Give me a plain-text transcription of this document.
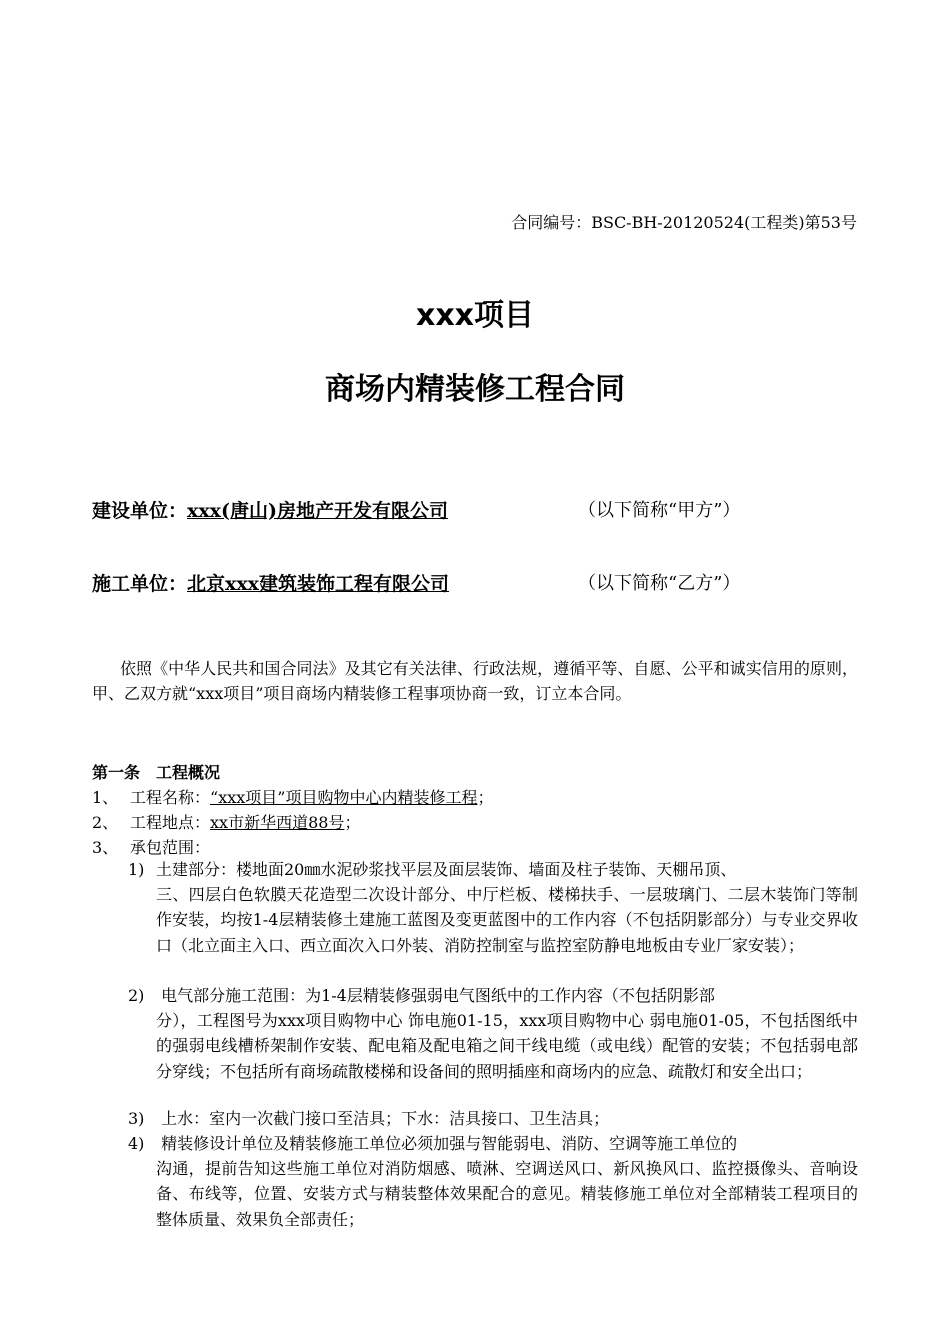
合同编号：BSC-BH-20120524(工程类)第53号
xxx项目
商场内精装修工程合同
建设单位：xxx(唐山)房地产开发有限公司	（以下简称“甲方”）
施工单位：北京xxx建筑装饰工程有限公司	（以下简称“乙方”）
依照《中华人民共和国合同法》及其它有关法律、行政法规，遵循平等、自愿、公平和诚实信用的原则，甲、乙双方就“xxx项目”项目商场内精装修工程事项协商一致，订立本合同。
第一条　工程概况
1、 工程名称：“xxx项目”项目购物中心内精装修工程；
2、 工程地点：xx市新华西道88号；
3、 承包范围：
1) 土建部分：楼地面20㎜水泥砂浆找平层及面层装饰、墙面及柱子装饰、天棚吊顶、
三、四层白色软膜天花造型二次设计部分、中厅栏板、楼梯扶手、一层玻璃门、二层木装饰门等制作安装，均按1-4层精装修土建施工蓝图及变更蓝图中的工作内容（不包括阴影部分）与专业交界收口（北立面主入口、西立面次入口外装、消防控制室与监控室防静电地板由专业厂家安装）；
2) 电气部分施工范围：为1-4层精装修强弱电气图纸中的工作内容（不包括阴影部
分），工程图号为xxx项目购物中心 饰电施01-15，xxx项目购物中心 弱电施01-05，不包括图纸中的强弱电线槽桥架制作安装、配电箱及配电箱之间干线电缆（或电线）配管的安装；不包括弱电部分穿线；不包括所有商场疏散楼梯和设备间的照明插座和商场内的应急、疏散灯和安全出口；
3) 上水：室内一次截门接口至洁具；下水：洁具接口、卫生洁具；
4) 精装修设计单位及精装修施工单位必须加强与智能弱电、消防、空调等施工单位的
沟通，提前告知这些施工单位对消防烟感、喷淋、空调送风口、新风换风口、监控摄像头、音响设备、布线等，位置、安装方式与精装整体效果配合的意见。精装修施工单位对全部精装工程项目的整体质量、效果负全部责任；
